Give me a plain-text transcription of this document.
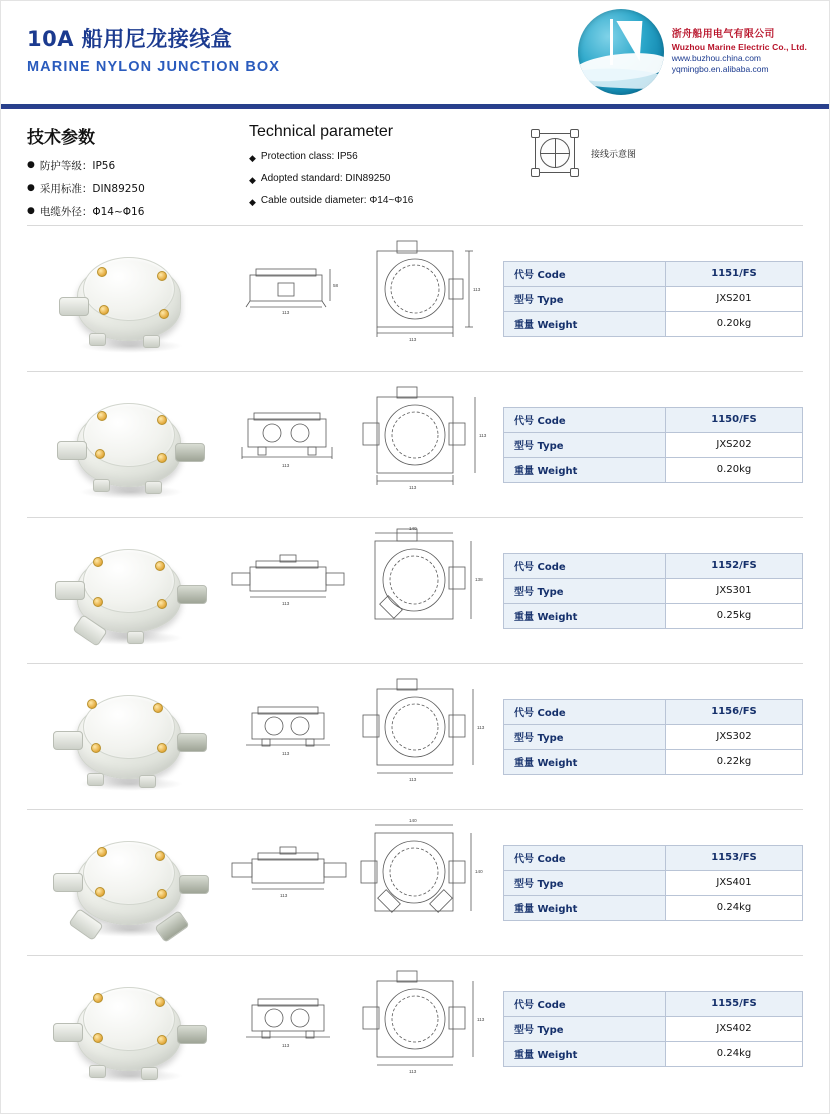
10A 船用尼龙接线盒
MARINE NYLON JUNCTION BOX
浙舟船用电气有限公司
Wuzhou Marine Electric Co., Ltd.
www.buzhou.china.com
yqmingbo.en.alibaba.com
技术参数
● 防护等级：IP56
● 采用标准：DIN89250
● 电缆外径：Φ14~Φ16
Technical parameter
◆ Protection class: IP56
◆ Adopted standard: DIN89250
◆ Cable outside diameter: Φ14~Φ16
接线示意图
113
58
113
113
代号 Code	1151/FS
型号 Type	JXS201
重量 Weight	0.20kg
113
113
113
代号 Code	1150/FS
型号 Type	JXS202
重量 Weight	0.20kg
113
140
138
代号 Code	1152/FS
型号 Type	JXS301
重量 Weight	0.25kg
113
113
113
代号 Code	1156/FS
型号 Type	JXS302
重量 Weight	0.22kg
113
140
140
代号 Code	1153/FS
型号 Type	JXS401
重量 Weight	0.24kg
113
113
113
代号 Code	1155/FS
型号 Type	JXS402
重量 Weight	0.24kg
